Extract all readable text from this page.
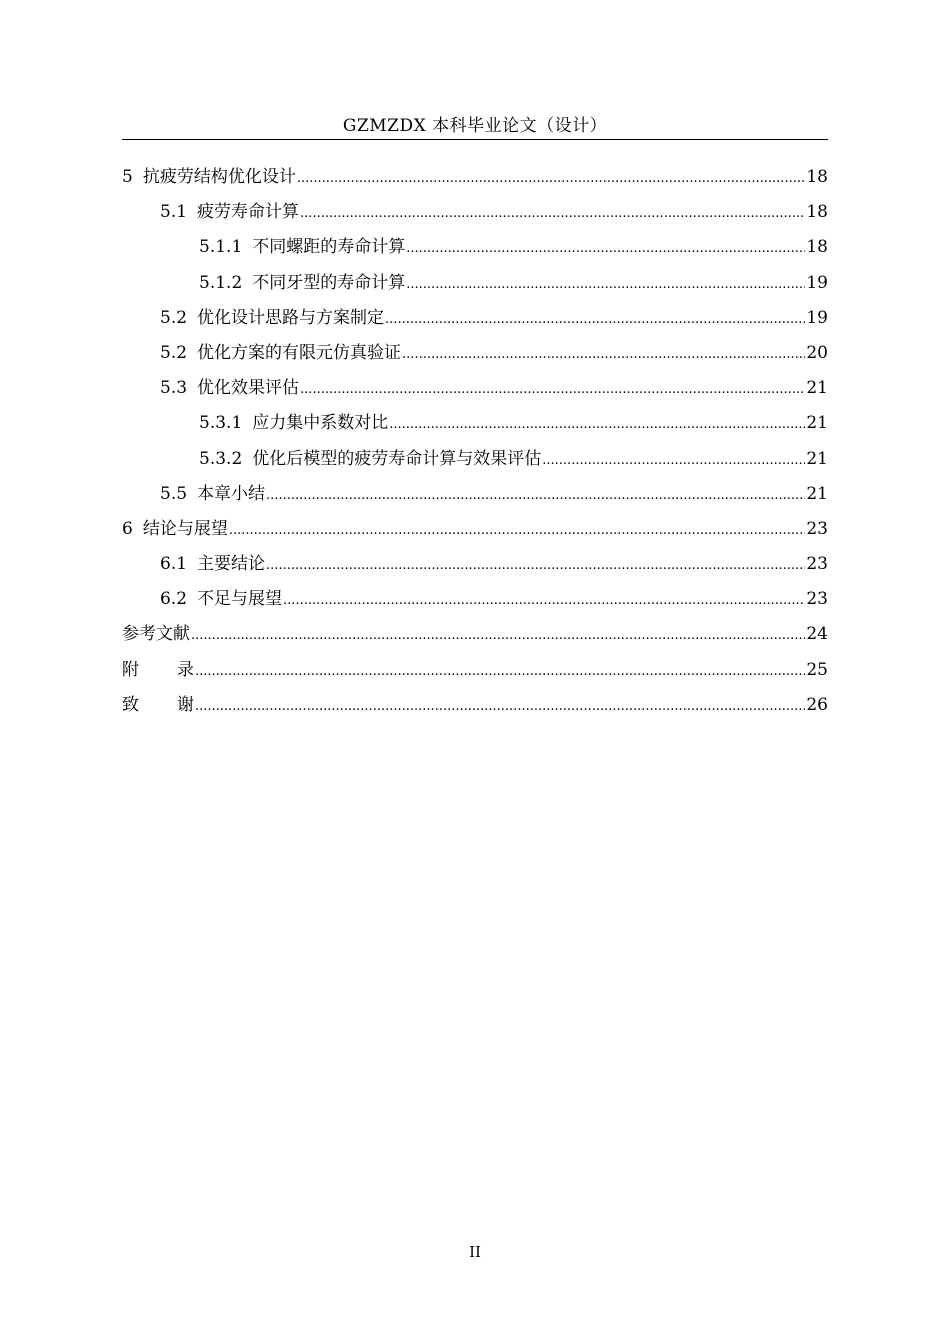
GZMZDX 本科毕业论文（设计）
5 抗疲劳结构优化设计 .....	18
5.1 疲劳寿命计算 .....	18
5.1.1 不同螺距的寿命计算 .....	18
5.1.2 不同牙型的寿命计算 .....	19
5.2 优化设计思路与方案制定 .....	19
5.2 优化方案的有限元仿真验证 .....	20
5.3 优化效果评估 .....	21
5.3.1 应力集中系数对比 .....	21
5.3.2 优化后模型的疲劳寿命计算与效果评估 .....	21
5.5 本章小结 .....	21
6 结论与展望 .....	23
6.1 主要结论 .....	23
6.2 不足与展望 .....	23
参考文献 .....	24
附录 .....	25
致谢 .....	26
II
